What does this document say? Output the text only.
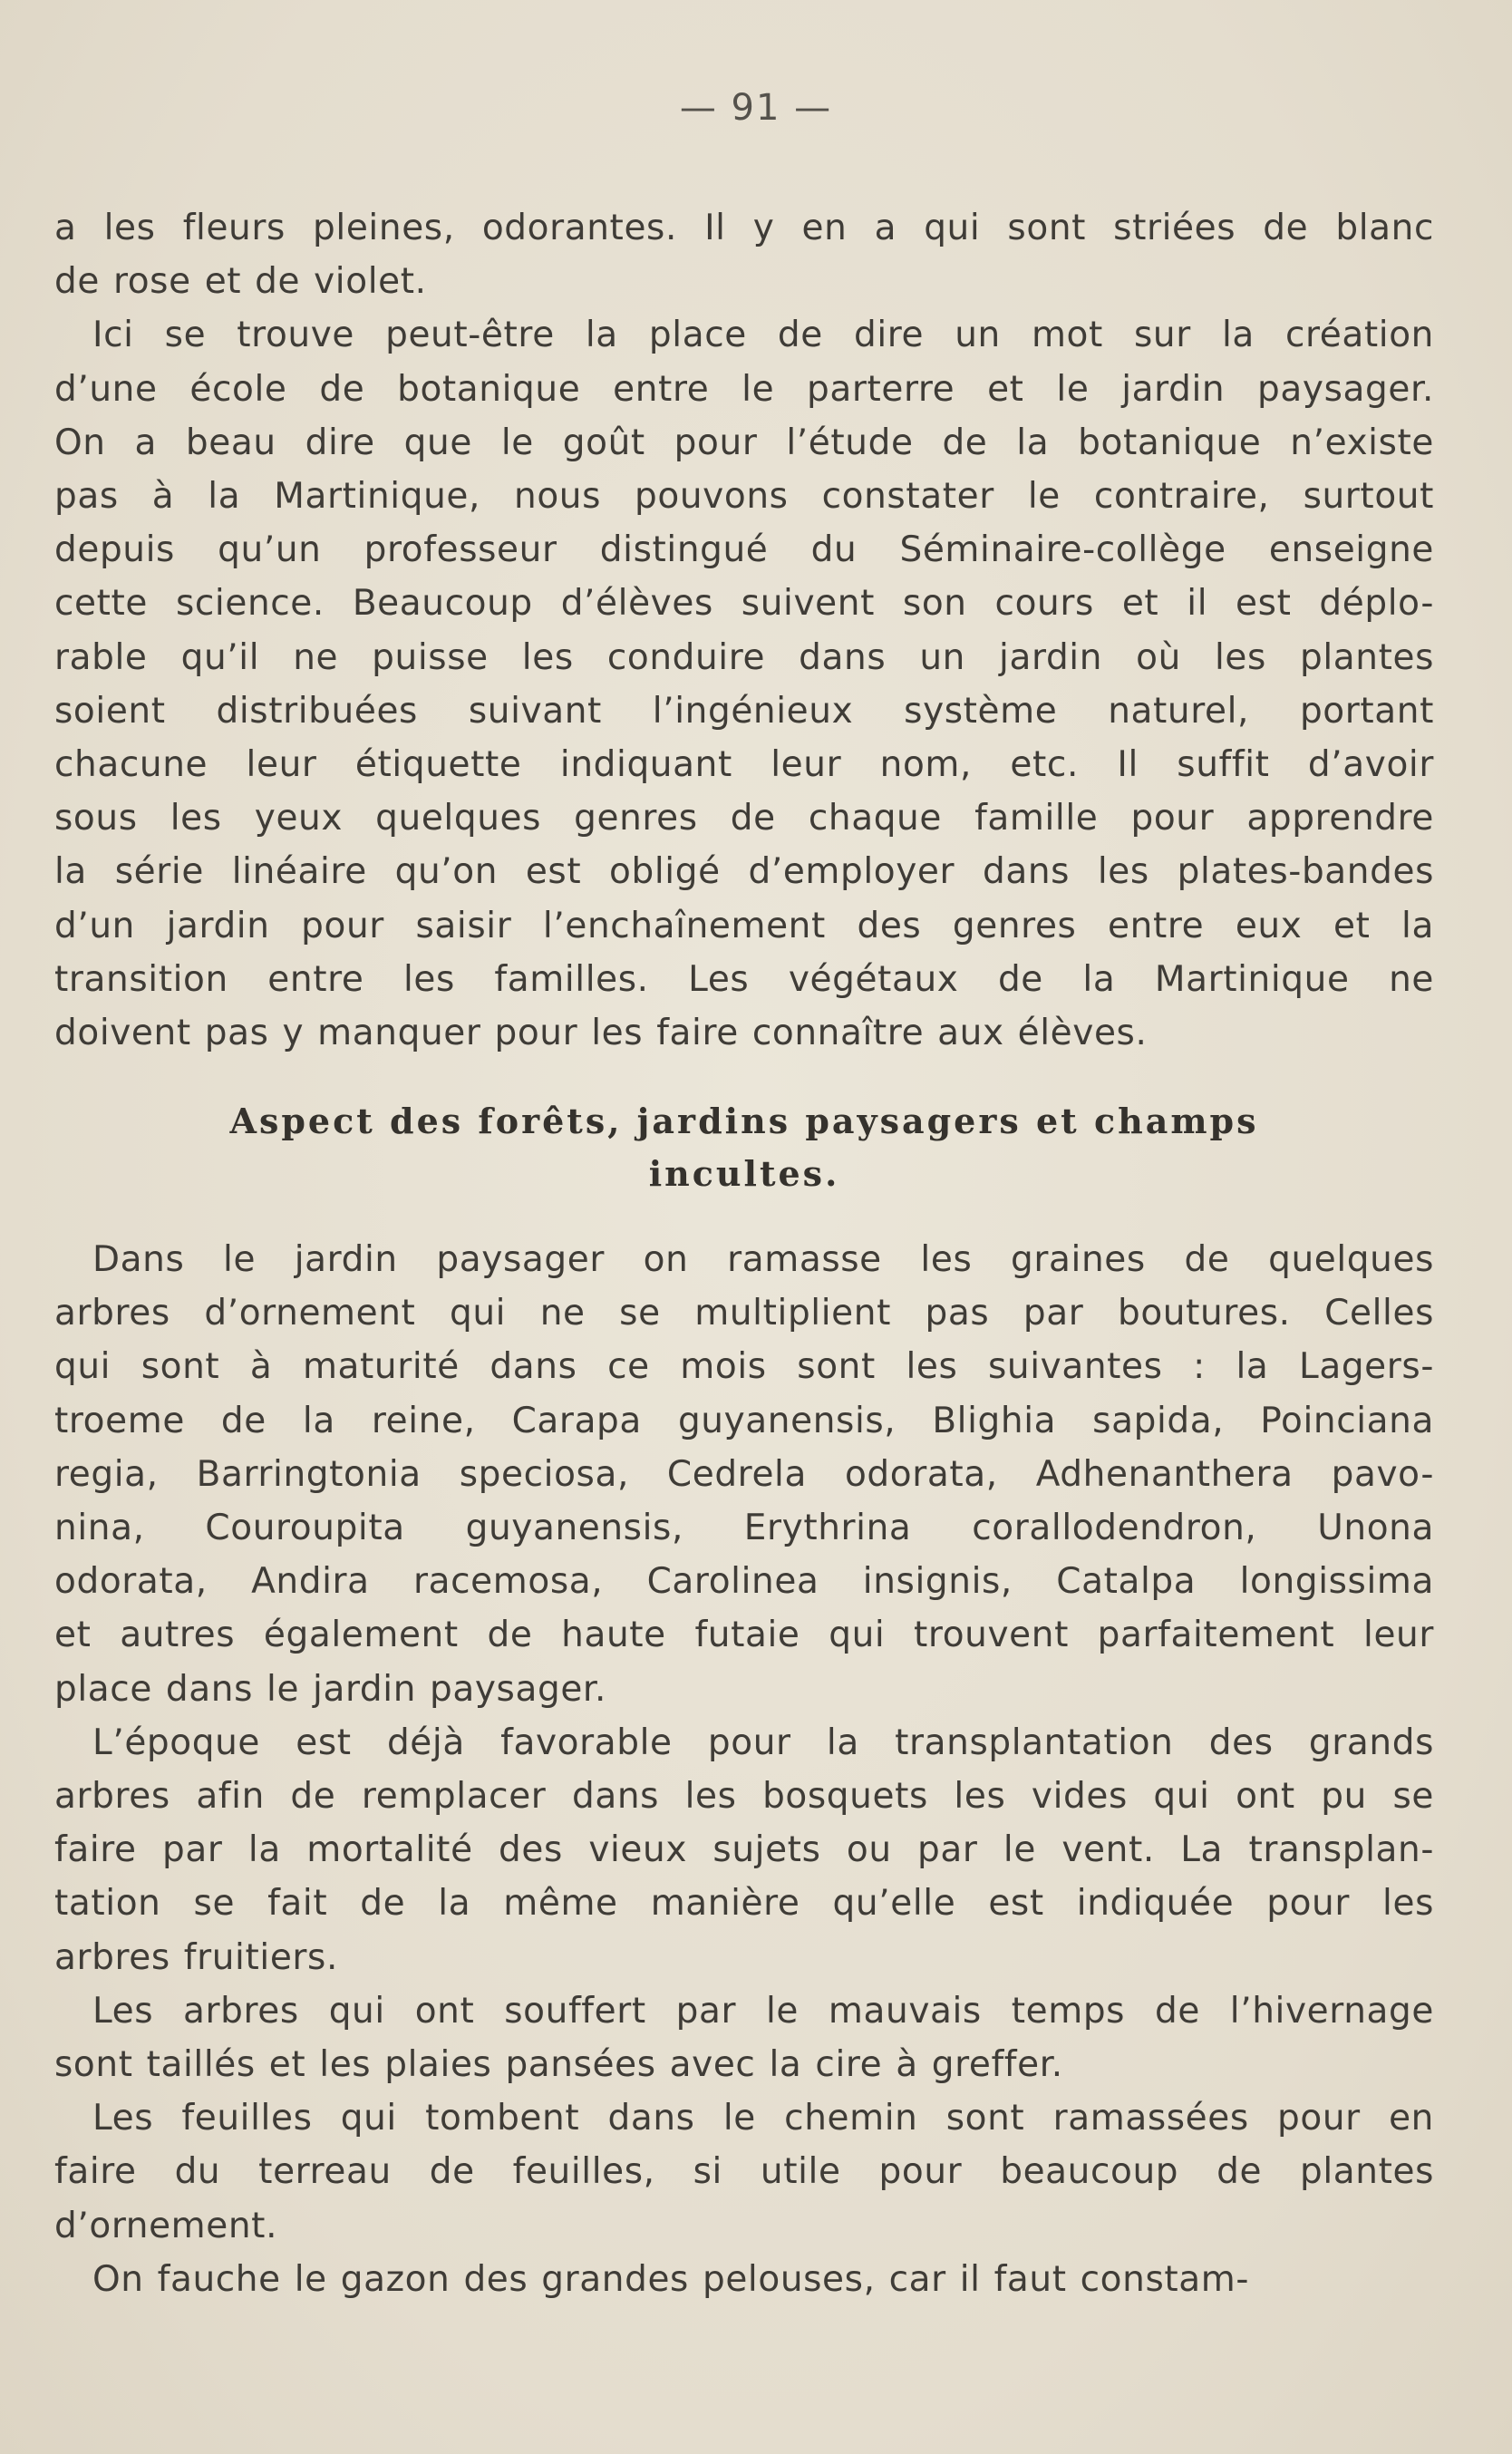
— 91 —
a les fleurs pleines, odorantes. Il y en a qui sont striées de blanc
de rose et de violet.
Ici se trouve peut-être la place de dire un mot sur la création
d’une école de botanique entre le parterre et le jardin paysager.
On a beau dire que le goût pour l’étude de la botanique n’existe
pas à la Martinique, nous pouvons constater le contraire, surtout
depuis qu’un professeur distingué du Séminaire-collège enseigne
cette science. Beaucoup d’élèves suivent son cours et il est déplo-
rable qu’il ne puisse les conduire dans un jardin où les plantes
soient distribuées suivant l’ingénieux système naturel, portant
chacune leur étiquette indiquant leur nom, etc. Il suffit d’avoir
sous les yeux quelques genres de chaque famille pour apprendre
la série linéaire qu’on est obligé d’employer dans les plates-bandes
d’un jardin pour saisir l’enchaînement des genres entre eux et la
transition entre les familles. Les végétaux de la Martinique ne
doivent pas y manquer pour les faire connaître aux élèves.
Aspect des forêts, jardins paysagers et champs
incultes.
Dans le jardin paysager on ramasse les graines de quelques
arbres d’ornement qui ne se multiplient pas par boutures. Celles
qui sont à maturité dans ce mois sont les suivantes : la Lagers-
troeme de la reine, Carapa guyanensis, Blighia sapida, Poinciana
regia, Barringtonia speciosa, Cedrela odorata, Adhenanthera pavo-
nina, Couroupita guyanensis, Erythrina corallodendron, Unona
odorata, Andira racemosa, Carolinea insignis, Catalpa longissima
et autres également de haute futaie qui trouvent parfaitement leur
place dans le jardin paysager.
L’époque est déjà favorable pour la transplantation des grands
arbres afin de remplacer dans les bosquets les vides qui ont pu se
faire par la mortalité des vieux sujets ou par le vent. La transplan-
tation se fait de la même manière qu’elle est indiquée pour les
arbres fruitiers.
Les arbres qui ont souffert par le mauvais temps de l’hivernage
sont taillés et les plaies pansées avec la cire à greffer.
Les feuilles qui tombent dans le chemin sont ramassées pour en
faire du terreau de feuilles, si utile pour beaucoup de plantes
d’ornement.
On fauche le gazon des grandes pelouses, car il faut constam-
